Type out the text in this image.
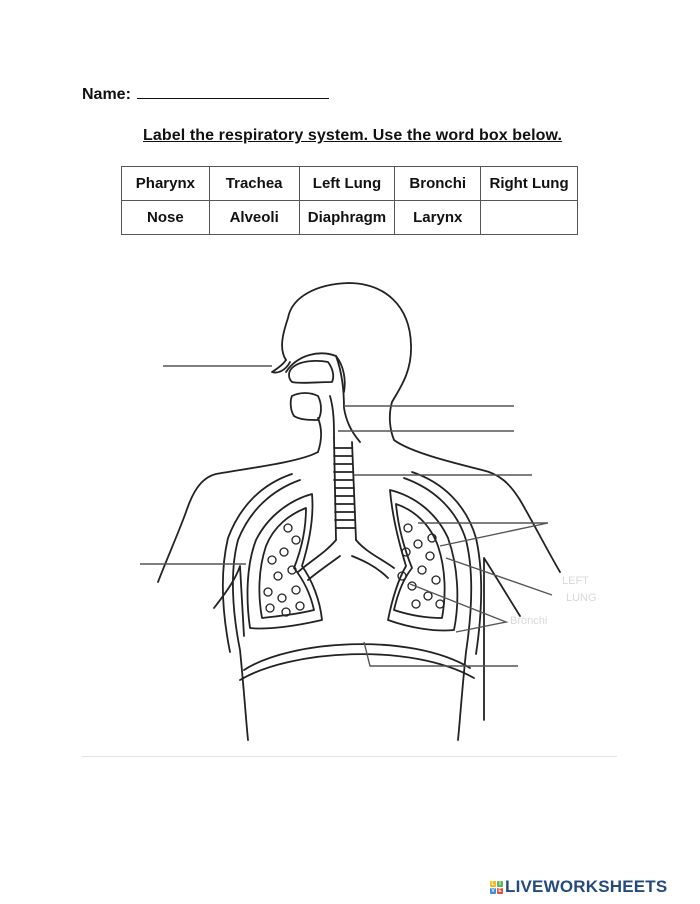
Name:
Label the respiratory system. Use the word box below.
Pharynx	Trachea	Left Lung	Bronchi	Right Lung
Nose	Alveoli	Diaphragm	Larynx	
LEFT
LUNG
Bronchi
L I
V E LIVEWORKSHEETS
